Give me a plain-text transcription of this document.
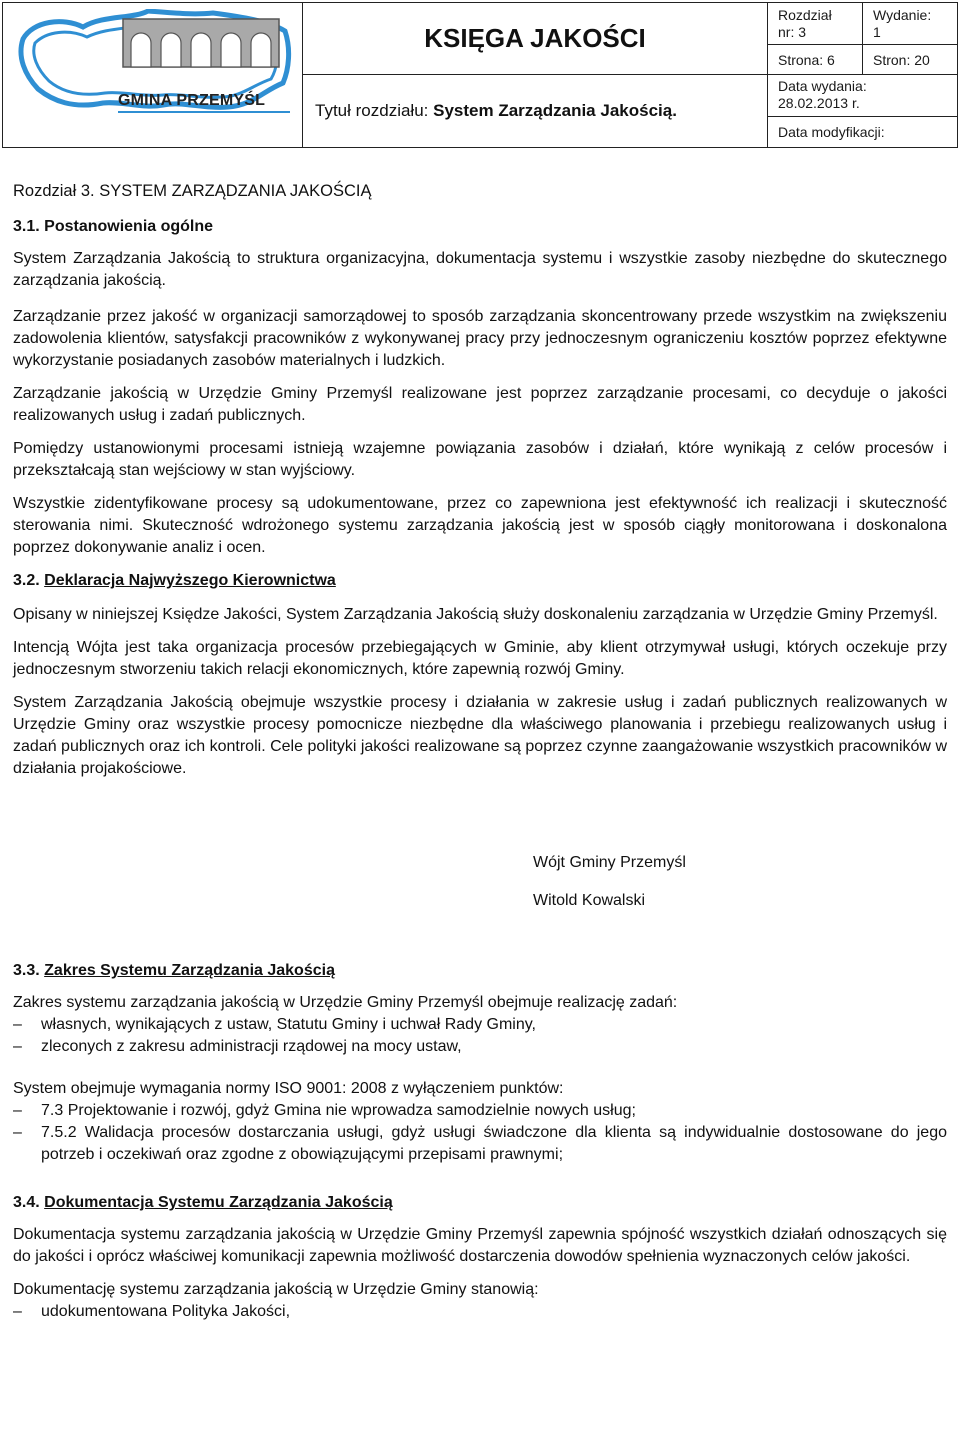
GMINA PRZEMYŚL
KSIĘGA JAKOŚCI
Tytuł rozdziału: System Zarządzania Jakością.
Rozdział
nr: 3
Wydanie:
1
Strona: 6	Stron: 20
Data wydania:
28.02.2013 r.
Data modyfikacji:

Rozdział 3. SYSTEM ZARZĄDZANIA JAKOŚCIĄ

3.1. Postanowienia ogólne

System Zarządzania Jakością to struktura organizacyjna, dokumentacja systemu i wszystkie zasoby niezbędne do skutecznego zarządzania jakością.

Zarządzanie przez jakość w organizacji samorządowej to sposób zarządzania skoncentrowany przede wszystkim na zwiększeniu zadowolenia klientów, satysfakcji pracowników z wykonywanej pracy przy jednoczesnym ograniczeniu kosztów poprzez efektywne wykorzystanie posiadanych zasobów materialnych i ludzkich.

Zarządzanie jakością w Urzędzie Gminy Przemyśl realizowane jest poprzez zarządzanie procesami, co decyduje o jakości realizowanych usług i zadań publicznych.

Pomiędzy ustanowionymi procesami istnieją wzajemne powiązania zasobów i działań, które wynikają z celów procesów i przekształcają stan wejściowy w stan wyjściowy.

Wszystkie zidentyfikowane procesy są udokumentowane, przez co zapewniona jest efektywność ich realizacji i skuteczność sterowania nimi. Skuteczność wdrożonego systemu zarządzania jakością jest w sposób ciągły monitorowana i doskonalona poprzez dokonywanie analiz i ocen.

3.2. Deklaracja Najwyższego Kierownictwa

Opisany w niniejszej Księdze Jakości, System Zarządzania Jakością służy doskonaleniu zarządzania w Urzędzie Gminy Przemyśl.

Intencją Wójta jest taka organizacja procesów przebiegających w Gminie, aby klient otrzymywał usługi, których oczekuje przy jednoczesnym stworzeniu takich relacji ekonomicznych, które zapewnią rozwój Gminy.

System Zarządzania Jakością obejmuje wszystkie procesy i działania w zakresie usług i zadań publicznych realizowanych w Urzędzie Gminy oraz wszystkie procesy pomocnicze niezbędne dla właściwego planowania i przebiegu realizowanych usług i zadań publicznych oraz ich kontroli. Cele polityki jakości realizowane są poprzez czynne zaangażowanie wszystkich pracowników w działania projakościowe.

Wójt Gminy Przemyśl

Witold Kowalski

3.3. Zakres Systemu Zarządzania Jakością

Zakres systemu zarządzania jakością w Urzędzie Gminy Przemyśl obejmuje realizację zadań:

– własnych, wynikających z ustaw, Statutu Gminy i uchwał Rady Gminy,
– zleconych z zakresu administracji rządowej na mocy ustaw,

System obejmuje wymagania normy ISO 9001: 2008 z wyłączeniem punktów:

– 7.3 Projektowanie i rozwój, gdyż Gmina nie wprowadza samodzielnie nowych usług;
– 7.5.2 Walidacja procesów dostarczania usługi, gdyż usługi świadczone dla klienta są indywidualnie dostosowane do jego potrzeb i oczekiwań oraz zgodne z obowiązującymi przepisami prawnymi;

3.4. Dokumentacja Systemu Zarządzania Jakością

Dokumentacja systemu zarządzania jakością w Urzędzie Gminy Przemyśl zapewnia spójność wszystkich działań odnoszących się do jakości i oprócz właściwej komunikacji zapewnia możliwość dostarczenia dowodów spełnienia wyznaczonych celów jakości.

Dokumentację systemu zarządzania jakością w Urzędzie Gminy stanowią:

– udokumentowana Polityka Jakości,
